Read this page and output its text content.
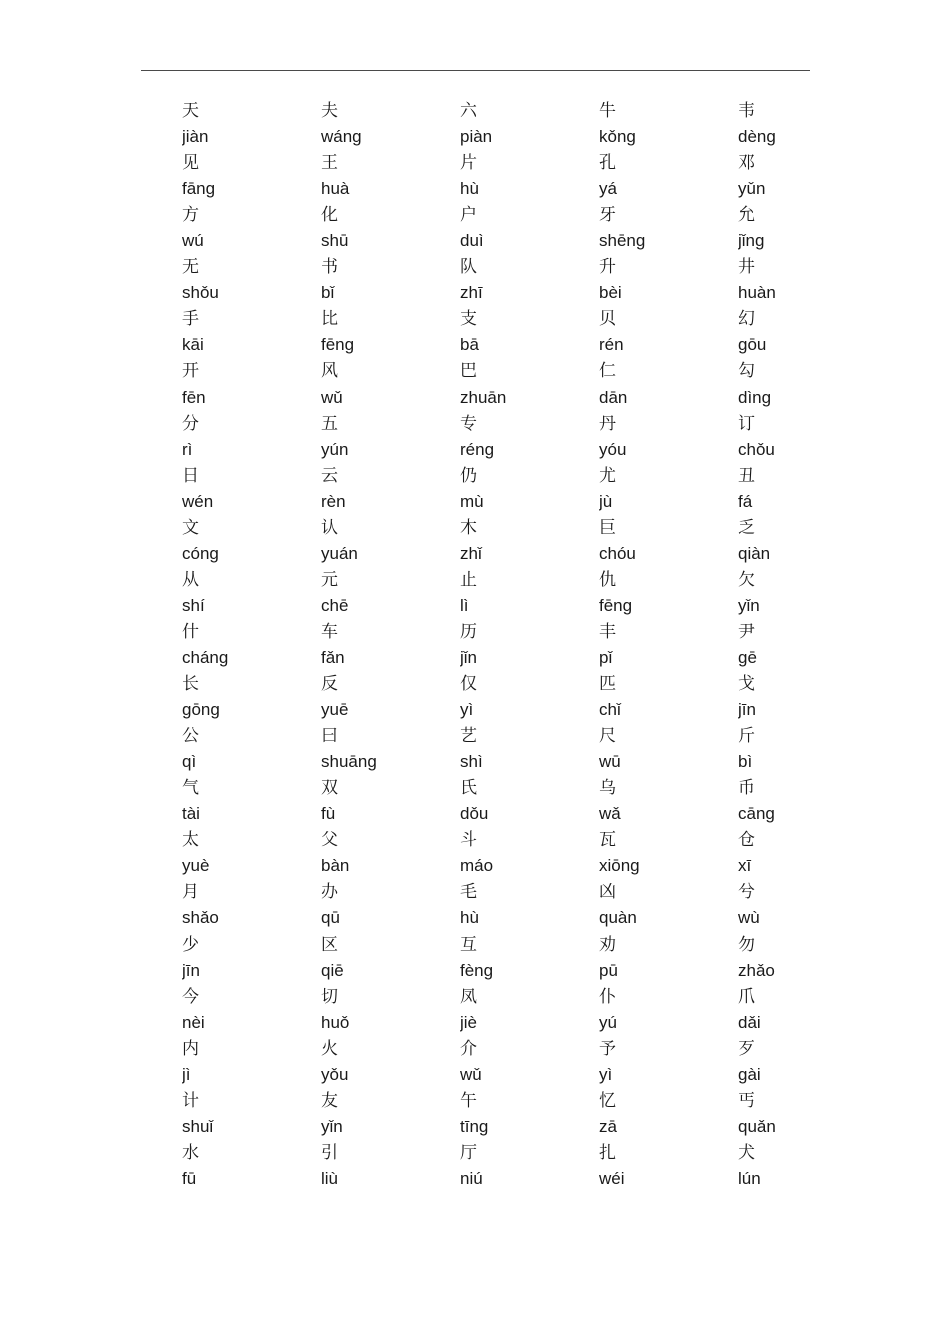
天	夫	六	牛	韦
jiàn	wáng	piàn	kǒng	dèng
见	王	片	孔	邓
fāng	huà	hù	yá	yǔn
方	化	户	牙	允
wú	shū	duì	shēng	jǐng
无	书	队	升	井
shǒu	bǐ	zhī	bèi	huàn
手	比	支	贝	幻
kāi	fēng	bā	rén	gōu
开	风	巴	仁	勾
fēn	wǔ	zhuān	dān	dìng
分	五	专	丹	订
rì	yún	réng	yóu	chǒu
日	云	仍	尤	丑
wén	rèn	mù	jù	fá
文	认	木	巨	乏
cóng	yuán	zhǐ	chóu	qiàn
从	元	止	仇	欠
shí	chē	lì	fēng	yǐn
什	车	历	丰	尹
cháng	fǎn	jǐn	pǐ	gē
长	反	仅	匹	戈
gōng	yuē	yì	chǐ	jīn
公	曰	艺	尺	斤
qì	shuāng	shì	wū	bì
气	双	氏	乌	币
tài	fù	dǒu	wǎ	cāng
太	父	斗	瓦	仓
yuè	bàn	máo	xiōng	xī
月	办	毛	凶	兮
shǎo	qū	hù	quàn	wù
少	区	互	劝	勿
jīn	qiē	fèng	pū	zhǎo
今	切	凤	仆	爪
nèi	huǒ	jiè	yú	dǎi
内	火	介	予	歹
jì	yǒu	wǔ	yì	gài
计	友	午	忆	丐
shuǐ	yǐn	tīng	zā	quǎn
水	引	厅	扎	犬
fū	liù	niú	wéi	lún
